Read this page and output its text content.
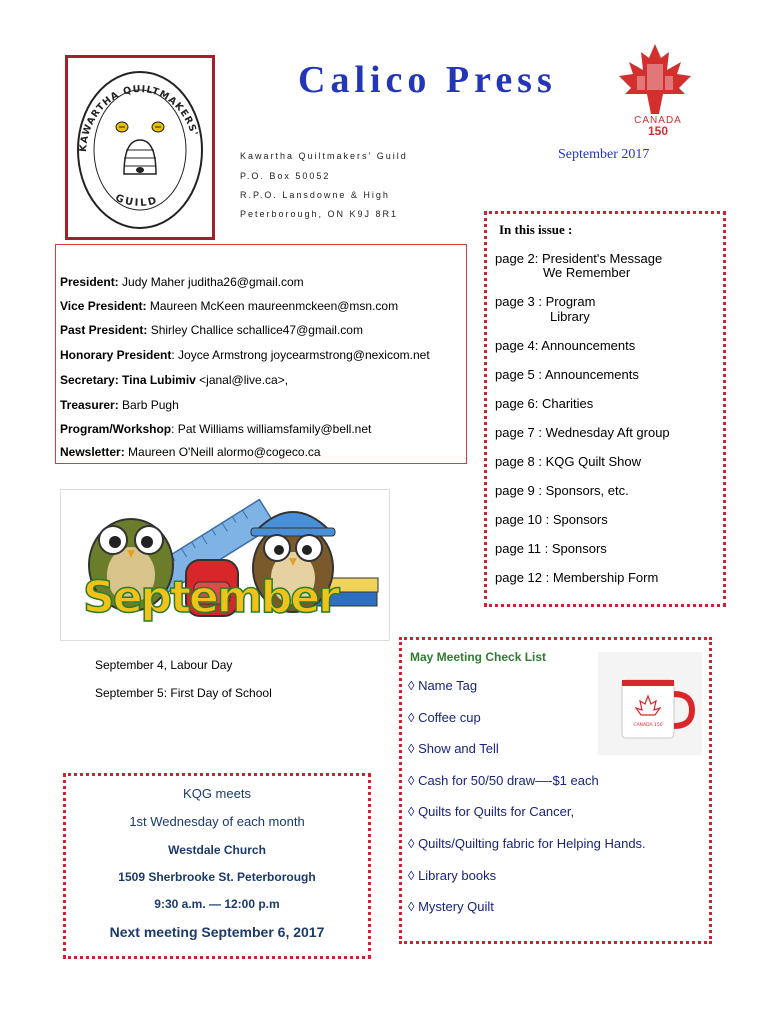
KAWARTHA QUILTMAKERS'
GUILD
Calico Press
CANADA
150
Kawartha Quiltmakers' Guild
P.O. Box 50052
R.P.O. Lansdowne & High
Peterborough, ON K9J 8R1
September 2017
President: Judy Maher juditha26@gmail.com
Vice President: Maureen McKeen maureenmckeen@msn.com
Past President: Shirley Challice schallice47@gmail.com
Honorary President: Joyce Armstrong joycearmstrong@nexicom.net
Secretary: Tina Lubimiv <janal@live.ca>,
Treasurer: Barb Pugh
Program/Workshop: Pat Williams williamsfamily@bell.net
Newsletter: Maureen O'Neill alormo@cogeco.ca
In this issue :
page 2: President's Message
We Remember
page 3 : Program
Library
page 4: Announcements
page 5 : Announcements
page 6: Charities
page 7 : Wednesday Aft group
page 8 : KQG Quilt Show
page 9 : Sponsors, etc.
page 10 : Sponsors
page 11 : Sponsors
page 12 : Membership Form
September
September 4, Labour Day
September 5: First Day of School
KQG meets
1st Wednesday of each month
Westdale Church
1509 Sherbrooke St. Peterborough
9:30 a.m. — 12:00 p.m
Next meeting September 6, 2017
May Meeting Check List
CANADA 150
◊ Name Tag
◊ Coffee cup
◊ Show and Tell
◊ Cash for 50/50 draw—-$1 each
◊ Quilts for Quilts for Cancer,
◊ Quilts/Quilting fabric for Helping Hands.
◊ Library books
◊ Mystery Quilt
